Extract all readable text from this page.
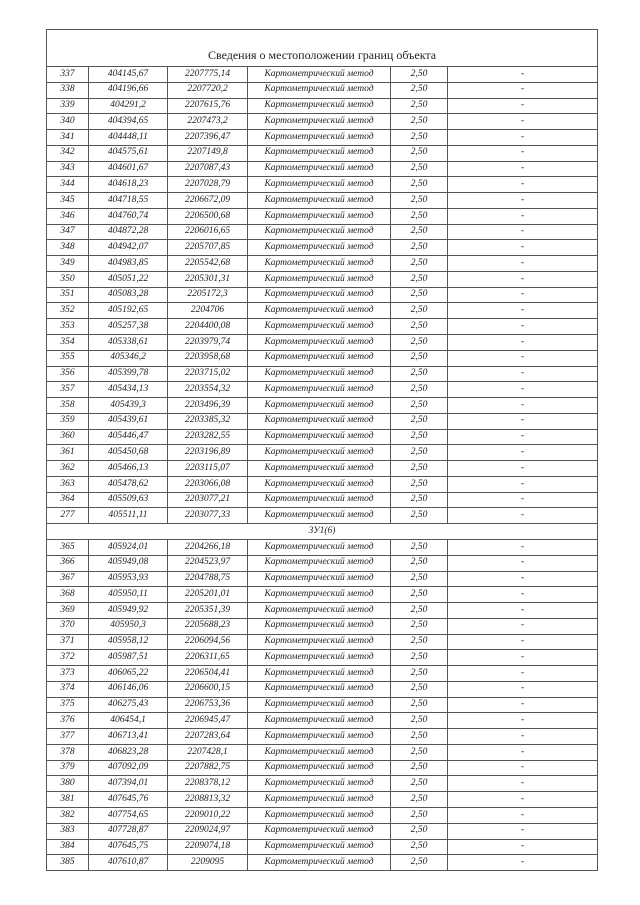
Сведения о местоположении границ объекта					
337	404145,67	2207775,14	Картометрический метод	2,50	-
338	404196,66	2207720,2	Картометрический метод	2,50	-
339	404291,2	2207615,76	Картометрический метод	2,50	-
340	404394,65	2207473,2	Картометрический метод	2,50	-
341	404448,11	2207396,47	Картометрический метод	2,50	-
342	404575,61	2207149,8	Картометрический метод	2,50	-
343	404601,67	2207087,43	Картометрический метод	2,50	-
344	404618,23	2207028,79	Картометрический метод	2,50	-
345	404718,55	2206672,09	Картометрический метод	2,50	-
346	404760,74	2206500,68	Картометрический метод	2,50	-
347	404872,28	2206016,65	Картометрический метод	2,50	-
348	404942,07	2205707,85	Картометрический метод	2,50	-
349	404983,85	2205542,68	Картометрический метод	2,50	-
350	405051,22	2205301,31	Картометрический метод	2,50	-
351	405083,28	2205172,3	Картометрический метод	2,50	-
352	405192,65	2204706	Картометрический метод	2,50	-
353	405257,38	2204400,08	Картометрический метод	2,50	-
354	405338,61	2203979,74	Картометрический метод	2,50	-
355	405346,2	2203958,68	Картометрический метод	2,50	-
356	405399,78	2203715,02	Картометрический метод	2,50	-
357	405434,13	2203554,32	Картометрический метод	2,50	-
358	405439,3	2203496,39	Картометрический метод	2,50	-
359	405439,61	2203385,32	Картометрический метод	2,50	-
360	405446,47	2203282,55	Картометрический метод	2,50	-
361	405450,68	2203196,89	Картометрический метод	2,50	-
362	405466,13	2203115,07	Картометрический метод	2,50	-
363	405478,62	2203066,08	Картометрический метод	2,50	-
364	405509,63	2203077,21	Картометрический метод	2,50	-
277	405511,11	2203077,33	Картометрический метод	2,50	-
ЗУ1(6)					
365	405924,01	2204266,18	Картометрический метод	2,50	-
366	405949,08	2204523,97	Картометрический метод	2,50	-
367	405953,93	2204788,75	Картометрический метод	2,50	-
368	405950,11	2205201,01	Картометрический метод	2,50	-
369	405949,92	2205351,39	Картометрический метод	2,50	-
370	405950,3	2205688,23	Картометрический метод	2,50	-
371	405958,12	2206094,56	Картометрический метод	2,50	-
372	405987,51	2206311,65	Картометрический метод	2,50	-
373	406065,22	2206504,41	Картометрический метод	2,50	-
374	406146,06	2206600,15	Картометрический метод	2,50	-
375	406275,43	2206753,36	Картометрический метод	2,50	-
376	406454,1	2206945,47	Картометрический метод	2,50	-
377	406713,41	2207283,64	Картометрический метод	2,50	-
378	406823,28	2207428,1	Картометрический метод	2,50	-
379	407092,09	2207882,75	Картометрический метод	2,50	-
380	407394,01	2208378,12	Картометрический метод	2,50	-
381	407645,76	2208813,32	Картометрический метод	2,50	-
382	407754,65	2209010,22	Картометрический метод	2,50	-
383	407728,87	2209024,97	Картометрический метод	2,50	-
384	407645,75	2209074,18	Картометрический метод	2,50	-
385	407610,87	2209095	Картометрический метод	2,50	-
